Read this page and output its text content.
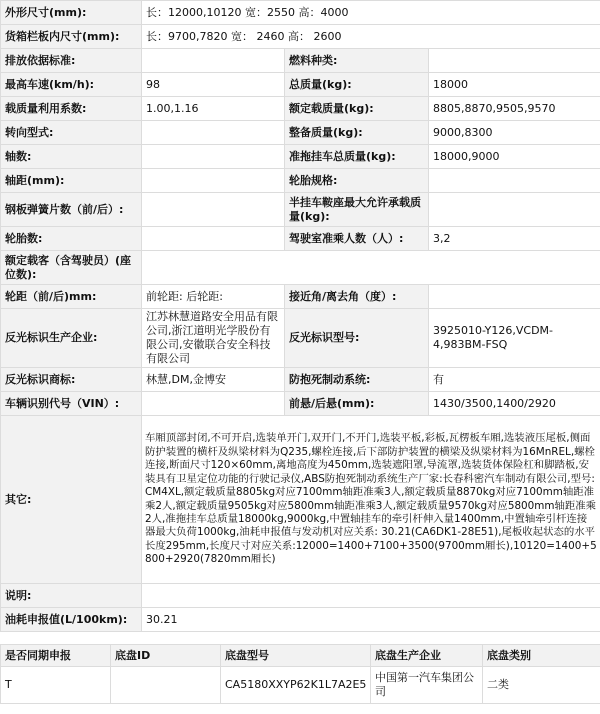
外形尺寸(mm):	长：12000,10120 宽：2550 高：4000		
货箱栏板内尺寸(mm):	长：9700,7820 宽： 2460 高： 2600		
排放依据标准:		燃料种类:	
最高车速(km/h):	98	总质量(kg):	18000
载质量利用系数:	1.00,1.16	额定载质量(kg):	8805,8870,9505,9570
转向型式:		整备质量(kg):	9000,8300
轴数:		准拖挂车总质量(kg):	18000,9000
轴距(mm):		轮胎规格:	
钢板弹簧片数（前/后）:		半挂车鞍座最大允许承载质量(kg):	
轮胎数:		驾驶室准乘人数（人）:	3,2
额定载客（含驾驶员）(座位数):			
轮距（前/后)mm:	前轮距: 后轮距:	接近角/离去角（度）:	
反光标识生产企业:	江苏林慧道路安全用品有限公司,浙江道明光学股份有限公司,安徽联合安全科技有限公司	反光标识型号:	3925010-Y126,VCDM-4,983BM-FSQ
反光标识商标:	林慧,DM,金博安	防抱死制动系统:	有
车辆识别代号（VIN）:		前悬/后悬(mm):	1430/3500,1400/2920
其它:	车厢顶部封闭,不可开启,选装单开门,双开门,不开门,选装平板,彩板,瓦楞板车厢,选装液压尾板,侧面防护装置的横杆及纵梁材料为Q235,螺栓连接,后下部防护装置的横梁及纵梁材料为16MnREL,螺栓连接,断面尺寸120×60mm,离地高度为450mm,选装遮阳罩,导流罩,选装货体保险杠和脚踏板,安装具有卫星定位功能的行驶记录仪,ABS防抱死制动系统生产厂家:长春科密汽车制动有限公司,型号:CM4XL,额定载质量8805kg对应7100mm轴距准乘3人,额定载质量8870kg对应7100mm轴距准乘2人,额定载质量9505kg对应5800mm轴距准乘3人,额定载质量9570kg对应5800mm轴距准乘2人,准拖挂车总质量18000kg,9000kg,中置轴挂车的牵引杆伸入量1400mm,中置轴牵引杆连接器最大负荷1000kg,油耗申报值与发动机对应关系: 30.21(CA6DK1-28E51),尾板收起状态的水平长度295mm,长度尺寸对应关系:12000=1400+7100+3500(9700mm厢长),10120=1400+5800+2920(7820mm厢长)		
说明:			
油耗申报值(L/100km):	30.21		
是否同期申报	底盘ID	底盘型号	底盘生产企业	底盘类别
T		CA5180XXYP62K1L7A2E5	中国第一汽车集团公司	二类
